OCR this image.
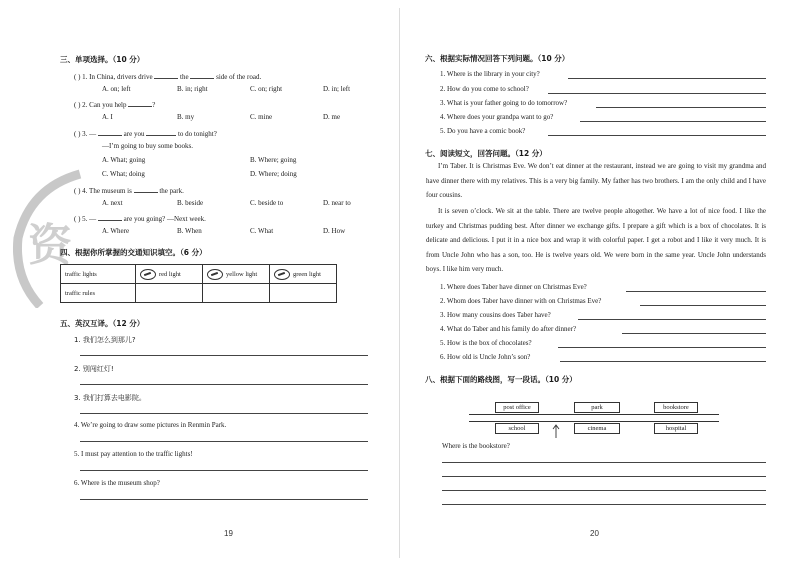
资
三、单项选择。（10 分）
( ) 1. In China, drivers drive	the	side of the road.
A. on; left	B. in; right	C. on; right	D. in; left
( ) 2. Can you help	?
A. I	B. my	C. mine	D. me
( ) 3. —	are you	to do tonight?
—I’m going to buy some books.
A. What; going	B. Where; going
C. What; doing	D. Where; doing
( ) 4. The museum is	the park.
A. next	B. beside	C. beside to	D. near to
( ) 5. —	are you going? —Next week.
A. Where	B. When	C. What	D. How
四、根据你所掌握的交通知识填空。（6 分）
traffic lights	red light	yellow light	green light
traffic rules			
五、英汉互译。（12 分）
1. 我们怎么到那儿?
2. 别闯红灯!
3. 我们打算去电影院。
4. We’re going to draw some pictures in Renmin Park.
5. I must pay attention to the traffic lights!
6. Where is the museum shop?
19
六、根据实际情况回答下列问题。（10 分）
1. Where is the library in your city?
2. How do you come to school?
3. What is your father going to do tomorrow?
4. Where does your grandpa want to go?
5. Do you have a comic book?
七、阅读短文，回答问题。（12 分）

I’m Taber. It is Christmas Eve. We don’t eat dinner at the restaurant, instead we are going to visit my grandma and have dinner there with my relatives. This is a very big family. My father has two brothers. I am the only child and I have four cousins.

It is seven o’clock. We sit at the table. There are twelve people altogether. We have a lot of nice food. I like the turkey and Christmas pudding best. After dinner we exchange gifts. I prepare a gift which is a box of chocolates. It is delicate and delicious. I put it in a nice box and wrap it with colorful paper. I get a robot and I like it very much. It is from Uncle John who has a son, too. He is twelve years old. We were born in the same year. Uncle John understands boys. I like him very much.

1. Where does Taber have dinner on Christmas Eve?
2. Whom does Taber have dinner with on Christmas Eve?
3. How many cousins does Taber have?
4. What do Taber and his family do after dinner?
5. How is the box of chocolates?
6. How old is Uncle John’s son?
八、根据下面的路线图，写一段话。（10 分）
post office	park	bookstore
school	cinema	hospital
Where is the bookstore?
20
